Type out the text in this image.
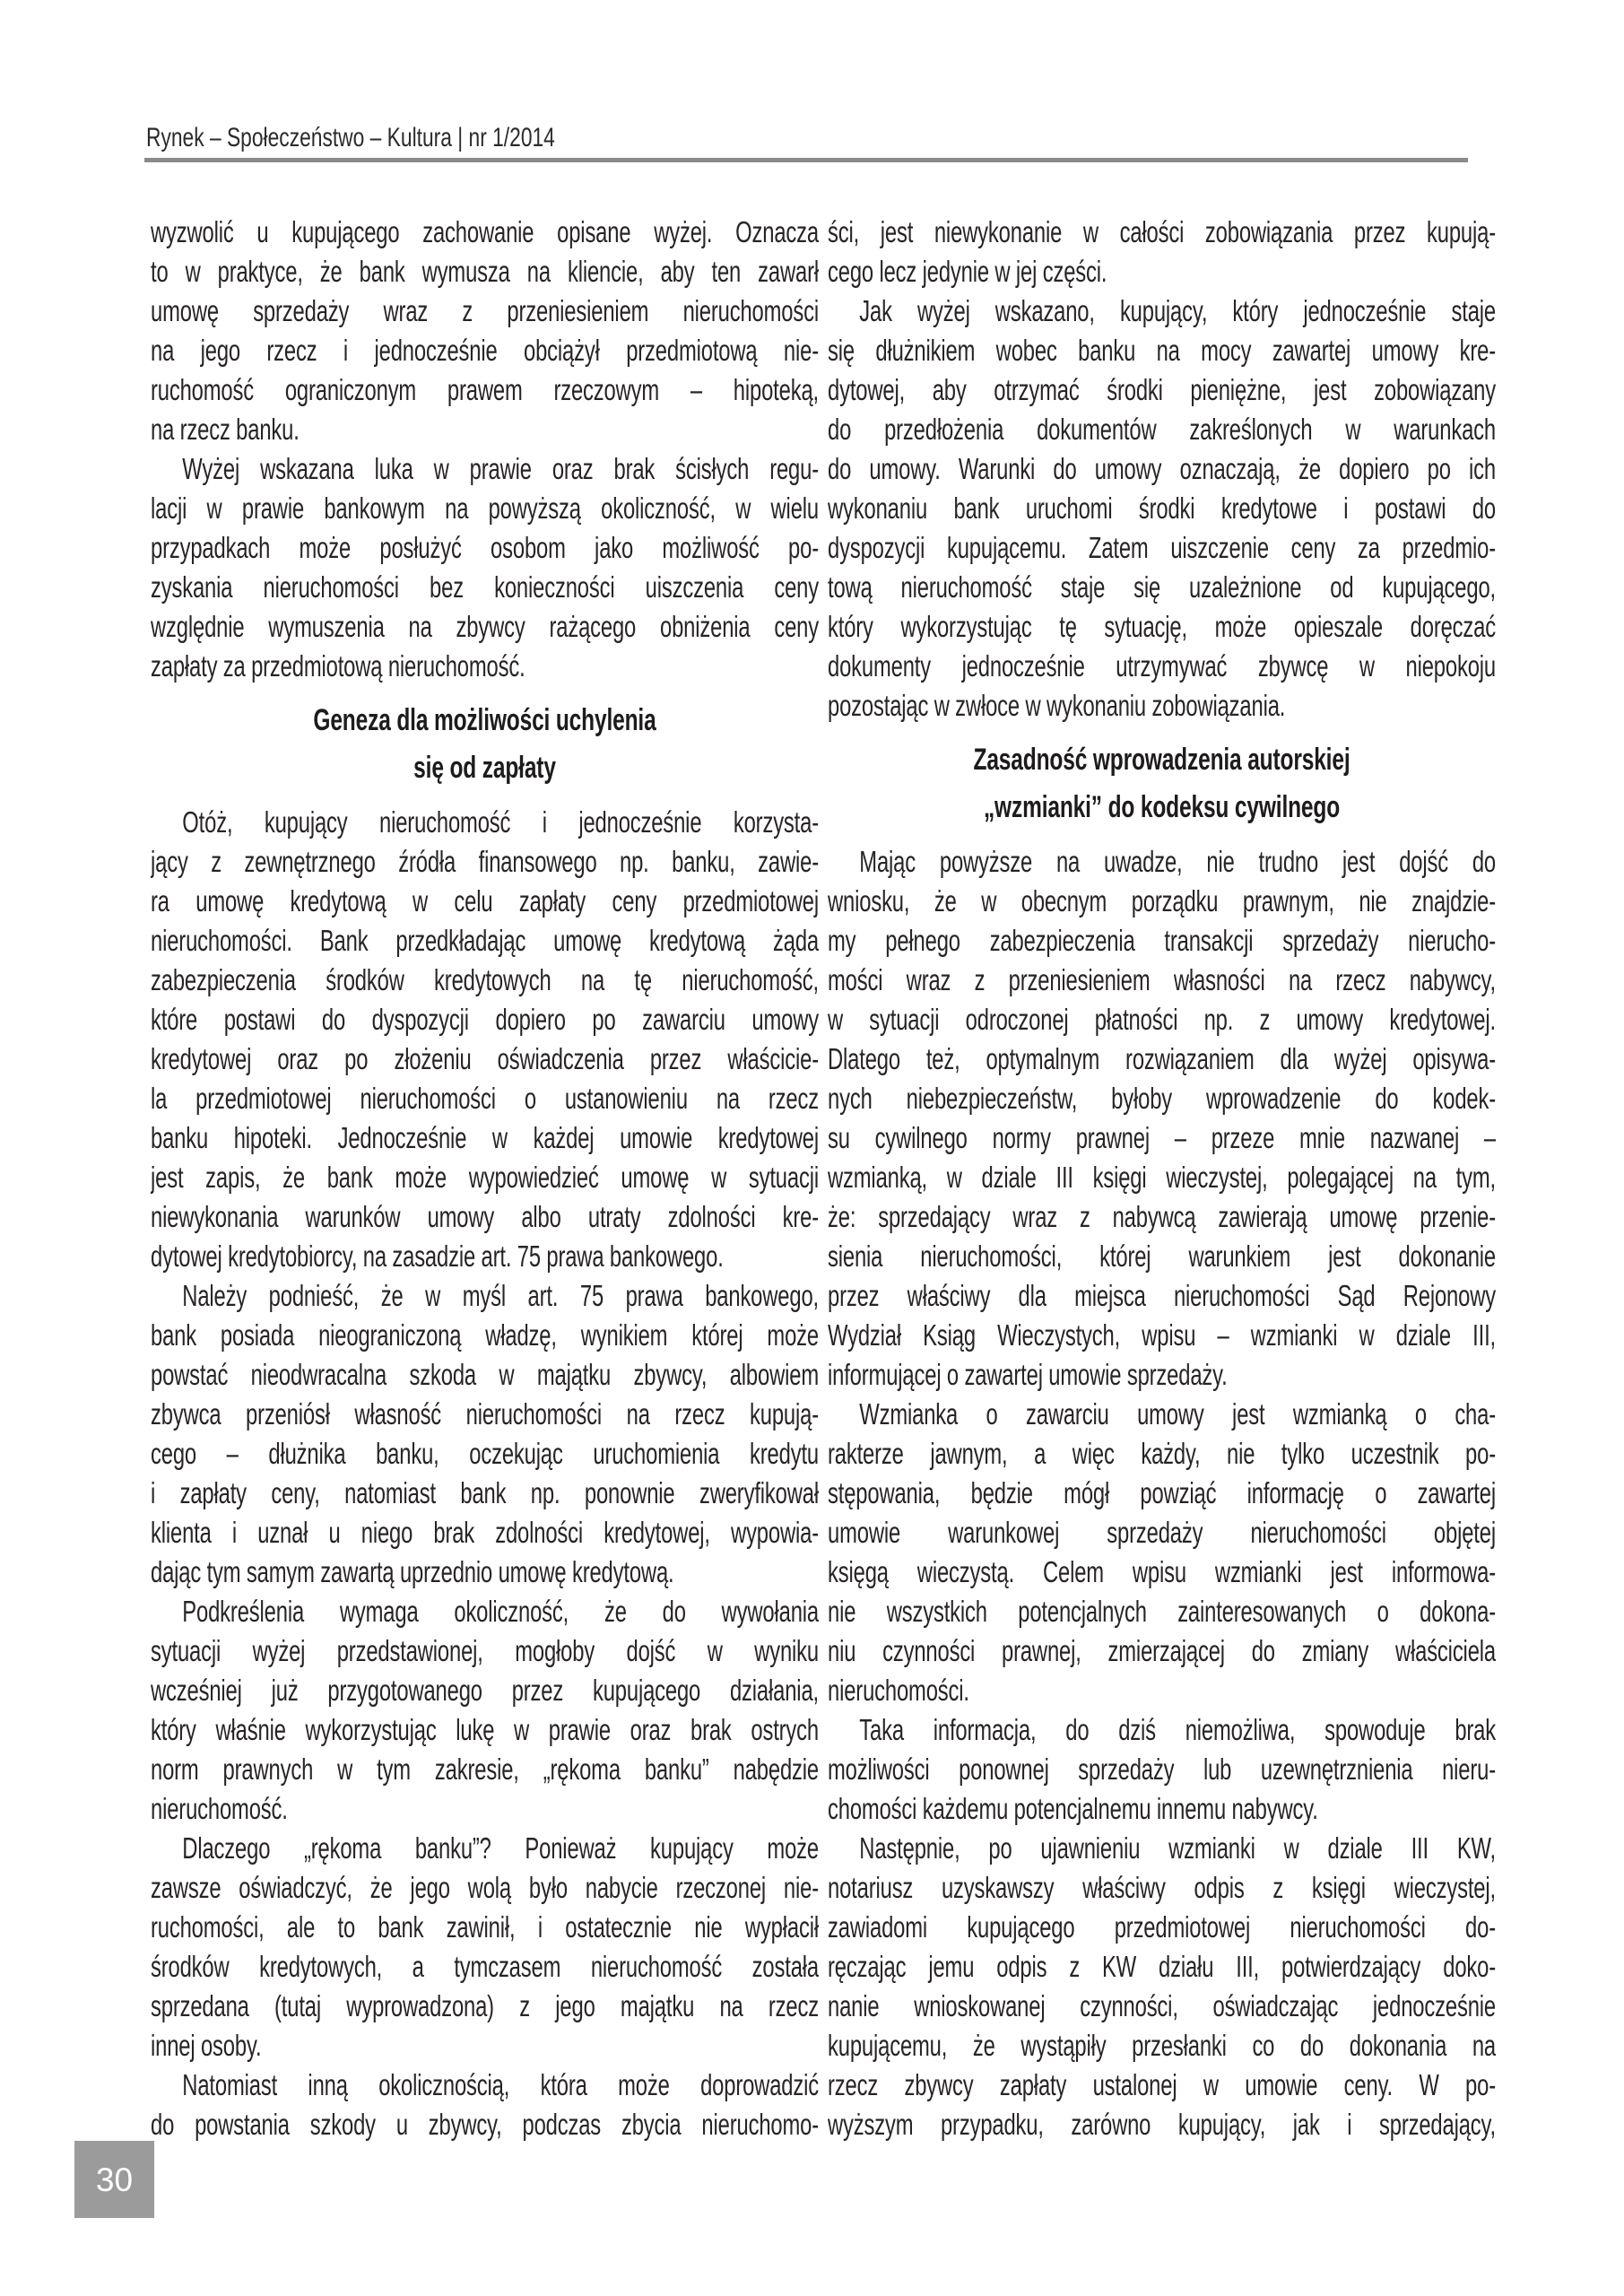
Rynek – Społeczeństwo – Kultura | nr 1/2014
wyzwolić u kupującego zachowanie opisane wyżej. Oznacza
to w praktyce, że bank wymusza na kliencie, aby ten zawarł
umowę sprzedaży wraz z przeniesieniem nieruchomości
na jego rzecz i jednocześnie obciążył przedmiotową nie-
ruchomość ograniczonym prawem rzeczowym – hipoteką,
na rzecz banku.
Wyżej wskazana luka w prawie oraz brak ścisłych regu-
lacji w prawie bankowym na powyższą okoliczność, w wielu
przypadkach może posłużyć osobom jako możliwość po-
zyskania nieruchomości bez konieczności uiszczenia ceny
względnie wymuszenia na zbywcy rażącego obniżenia ceny
zapłaty za przedmiotową nieruchomość.
Geneza dla możliwości uchylenia
się od zapłaty
Otóż, kupujący nieruchomość i jednocześnie korzysta-
jący z zewnętrznego źródła finansowego np. banku, zawie-
ra umowę kredytową w celu zapłaty ceny przedmiotowej
nieruchomości. Bank przedkładając umowę kredytową żąda
zabezpieczenia środków kredytowych na tę nieruchomość,
które postawi do dyspozycji dopiero po zawarciu umowy
kredytowej oraz po złożeniu oświadczenia przez właścicie-
la przedmiotowej nieruchomości o ustanowieniu na rzecz
banku hipoteki. Jednocześnie w każdej umowie kredytowej
jest zapis, że bank może wypowiedzieć umowę w sytuacji
niewykonania warunków umowy albo utraty zdolności kre-
dytowej kredytobiorcy, na zasadzie art. 75 prawa bankowego.
Należy podnieść, że w myśl art. 75 prawa bankowego,
bank posiada nieograniczoną władzę, wynikiem której może
powstać nieodwracalna szkoda w majątku zbywcy, albowiem
zbywca przeniósł własność nieruchomości na rzecz kupują-
cego – dłużnika banku, oczekując uruchomienia kredytu
i zapłaty ceny, natomiast bank np. ponownie zweryfikował
klienta i uznał u niego brak zdolności kredytowej, wypowia-
dając tym samym zawartą uprzednio umowę kredytową.
Podkreślenia wymaga okoliczność, że do wywołania
sytuacji wyżej przedstawionej, mogłoby dojść w wyniku
wcześniej już przygotowanego przez kupującego działania,
który właśnie wykorzystując lukę w prawie oraz brak ostrych
norm prawnych w tym zakresie, „rękoma banku” nabędzie
nieruchomość.
Dlaczego „rękoma banku”? Ponieważ kupujący może
zawsze oświadczyć, że jego wolą było nabycie rzeczonej nie-
ruchomości, ale to bank zawinił, i ostatecznie nie wypłacił
środków kredytowych, a tymczasem nieruchomość została
sprzedana (tutaj wyprowadzona) z jego majątku na rzecz
innej osoby.
Natomiast inną okolicznością, która może doprowadzić
do powstania szkody u zbywcy, podczas zbycia nieruchomo-
ści, jest niewykonanie w całości zobowiązania przez kupują-
cego lecz jedynie w jej części.
Jak wyżej wskazano, kupujący, który jednocześnie staje
się dłużnikiem wobec banku na mocy zawartej umowy kre-
dytowej, aby otrzymać środki pieniężne, jest zobowiązany
do przedłożenia dokumentów zakreślonych w warunkach
do umowy. Warunki do umowy oznaczają, że dopiero po ich
wykonaniu bank uruchomi środki kredytowe i postawi do
dyspozycji kupującemu. Zatem uiszczenie ceny za przedmio-
tową nieruchomość staje się uzależnione od kupującego,
który wykorzystując tę sytuację, może opieszale doręczać
dokumenty jednocześnie utrzymywać zbywcę w niepokoju
pozostając w zwłoce w wykonaniu zobowiązania.
Zasadność wprowadzenia autorskiej
„wzmianki” do kodeksu cywilnego
Mając powyższe na uwadze, nie trudno jest dojść do
wniosku, że w obecnym porządku prawnym, nie znajdzie-
my pełnego zabezpieczenia transakcji sprzedaży nierucho-
mości wraz z przeniesieniem własności na rzecz nabywcy,
w sytuacji odroczonej płatności np. z umowy kredytowej.
Dlatego też, optymalnym rozwiązaniem dla wyżej opisywa-
nych niebezpieczeństw, byłoby wprowadzenie do kodek-
su cywilnego normy prawnej – przeze mnie nazwanej –
wzmianką, w dziale III księgi wieczystej, polegającej na tym,
że: sprzedający wraz z nabywcą zawierają umowę przenie-
sienia nieruchomości, której warunkiem jest dokonanie
przez właściwy dla miejsca nieruchomości Sąd Rejonowy
Wydział Ksiąg Wieczystych, wpisu – wzmianki w dziale III,
informującej o zawartej umowie sprzedaży.
Wzmianka o zawarciu umowy jest wzmianką o cha-
rakterze jawnym, a więc każdy, nie tylko uczestnik po-
stępowania, będzie mógł powziąć informację o zawartej
umowie warunkowej sprzedaży nieruchomości objętej
księgą wieczystą. Celem wpisu wzmianki jest informowa-
nie wszystkich potencjalnych zainteresowanych o dokona-
niu czynności prawnej, zmierzającej do zmiany właściciela
nieruchomości.
Taka informacja, do dziś niemożliwa, spowoduje brak
możliwości ponownej sprzedaży lub uzewnętrznienia nieru-
chomości każdemu potencjalnemu innemu nabywcy.
Następnie, po ujawnieniu wzmianki w dziale III KW,
notariusz uzyskawszy właściwy odpis z księgi wieczystej,
zawiadomi kupującego przedmiotowej nieruchomości do-
ręczając jemu odpis z KW działu III, potwierdzający doko-
nanie wnioskowanej czynności, oświadczając jednocześnie
kupującemu, że wystąpiły przesłanki co do dokonania na
rzecz zbywcy zapłaty ustalonej w umowie ceny. W po-
wyższym przypadku, zarówno kupujący, jak i sprzedający,
30
